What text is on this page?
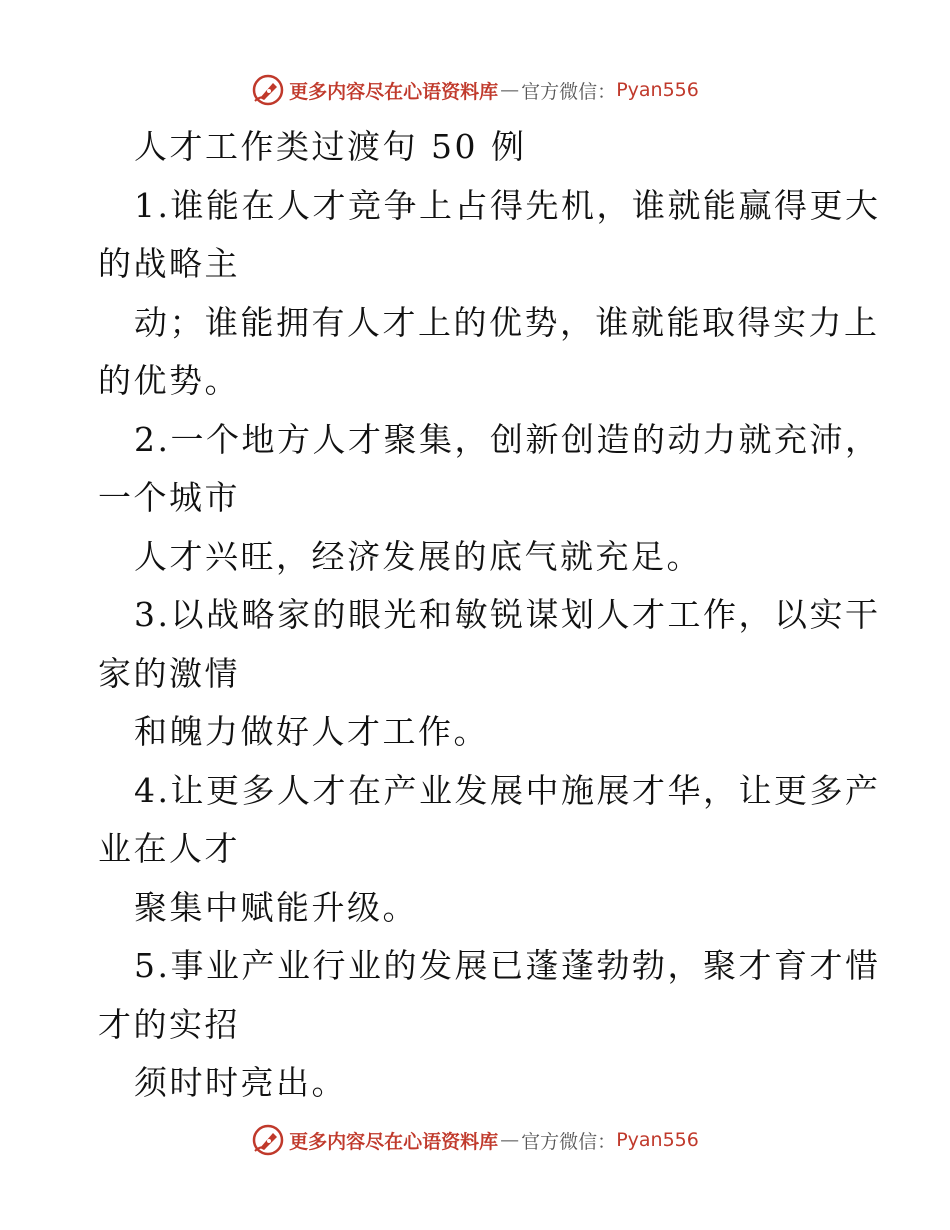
更多内容尽在心语资料库 — 官方微信： Pyan556
人才工作类过渡句 50 例
1.谁能在人才竞争上占得先机，谁就能赢得更大
的战略主
动；谁能拥有人才上的优势，谁就能取得实力上
的优势。
2.一个地方人才聚集，创新创造的动力就充沛，
一个城市
人才兴旺，经济发展的底气就充足。
3.以战略家的眼光和敏锐谋划人才工作，以实干
家的激情
和魄力做好人才工作。
4.让更多人才在产业发展中施展才华，让更多产
业在人才
聚集中赋能升级。
5.事业产业行业的发展已蓬蓬勃勃，聚才育才惜
才的实招
须时时亮出。
更多内容尽在心语资料库 — 官方微信： Pyan556
